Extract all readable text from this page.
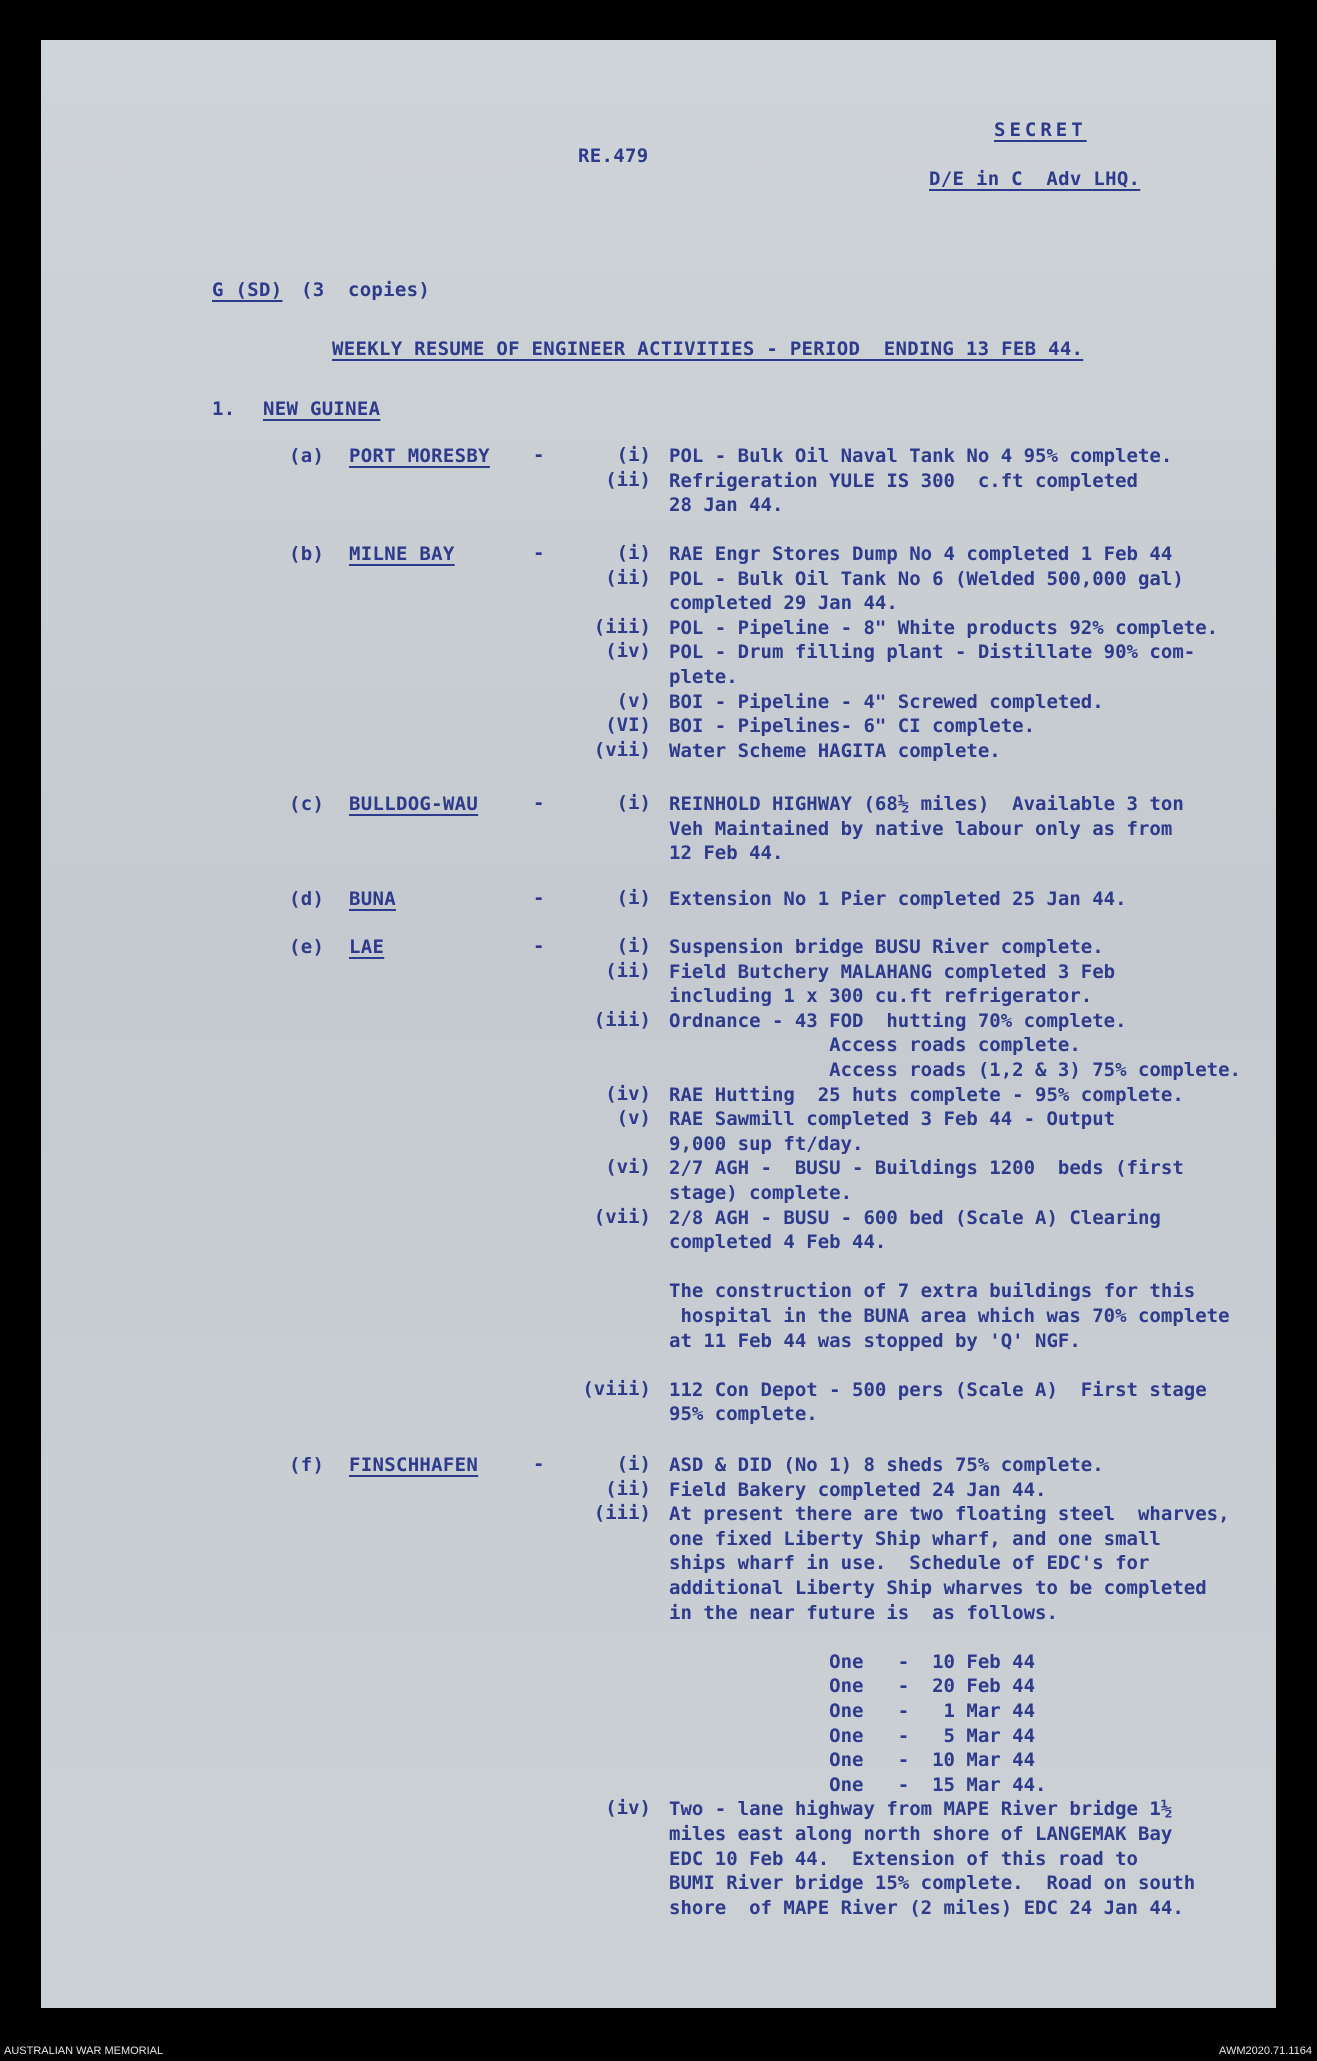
RE.479
SECRET
D/E in C  Adv LHQ.
G (SD) (3  copies)
WEEKLY RESUME OF ENGINEER ACTIVITIES - PERIOD  ENDING 13 FEB 44.
1. NEW GUINEA
(a) PORT MORESBY -	(i) POL - Bulk Oil Naval Tank No 4 95% complete.
(ii) Refrigeration YULE IS 300  c.ft completed
28 Jan 44.
(b) MILNE BAY	-	(i) RAE Engr Stores Dump No 4 completed 1 Feb 44
(ii) POL - Bulk Oil Tank No 6 (Welded 500,000 gal)
completed 29 Jan 44.
(iii) POL - Pipeline - 8" White products 92% complete.
(iv) POL - Drum filling plant - Distillate 90% com-
plete.
(v) BOI - Pipeline - 4" Screwed completed.
(VI) BOI - Pipelines- 6" CI complete.
(vii) Water Scheme HAGITA complete.
(c) BULLDOG-WAU	-	(i) REINHOLD HIGHWAY (68½ miles)  Available 3 ton
Veh Maintained by native labour only as from
12 Feb 44.
(d) BUNA	-	(i) Extension No 1 Pier completed 25 Jan 44.
(e) LAE	-	(i) Suspension bridge BUSU River complete.
(ii) Field Butchery MALAHANG completed 3 Feb
including 1 x 300 cu.ft refrigerator.
(iii) Ordnance - 43 FOD  hutting 70% complete.
Access roads complete.
Access roads (1,2 & 3) 75% complete.
(iv) RAE Hutting  25 huts complete - 95% complete.
(v) RAE Sawmill completed 3 Feb 44 - Output
9,000 sup ft/day.
(vi) 2/7 AGH -  BUSU - Buildings 1200  beds (first
stage) complete.
(vii) 2/8 AGH - BUSU - 600 bed (Scale A) Clearing
completed 4 Feb 44.
The construction of 7 extra buildings for this
hospital in the BUNA area which was 70% complete
at 11 Feb 44 was stopped by 'Q' NGF.
(viii) 112 Con Depot - 500 pers (Scale A)  First stage
95% complete.
(f) FINSCHHAFEN	-	(i) ASD & DID (No 1) 8 sheds 75% complete.
(ii) Field Bakery completed 24 Jan 44.
(iii) At present there are two floating steel  wharves,
one fixed Liberty Ship wharf, and one small
ships wharf in use.  Schedule of EDC's for
additional Liberty Ship wharves to be completed
in the near future is  as follows.
One   -  10 Feb 44
One   -  20 Feb 44
One   -   1 Mar 44
One   -   5 Mar 44
One   -  10 Mar 44
One   -  15 Mar 44.
(iv) Two - lane highway from MAPE River bridge 1½
miles east along north shore of LANGEMAK Bay
EDC 10 Feb 44.  Extension of this road to
BUMI River bridge 15% complete.  Road on south
shore  of MAPE River (2 miles) EDC 24 Jan 44.
AUSTRALIAN WAR MEMORIAL	AWM2020.71.1164
